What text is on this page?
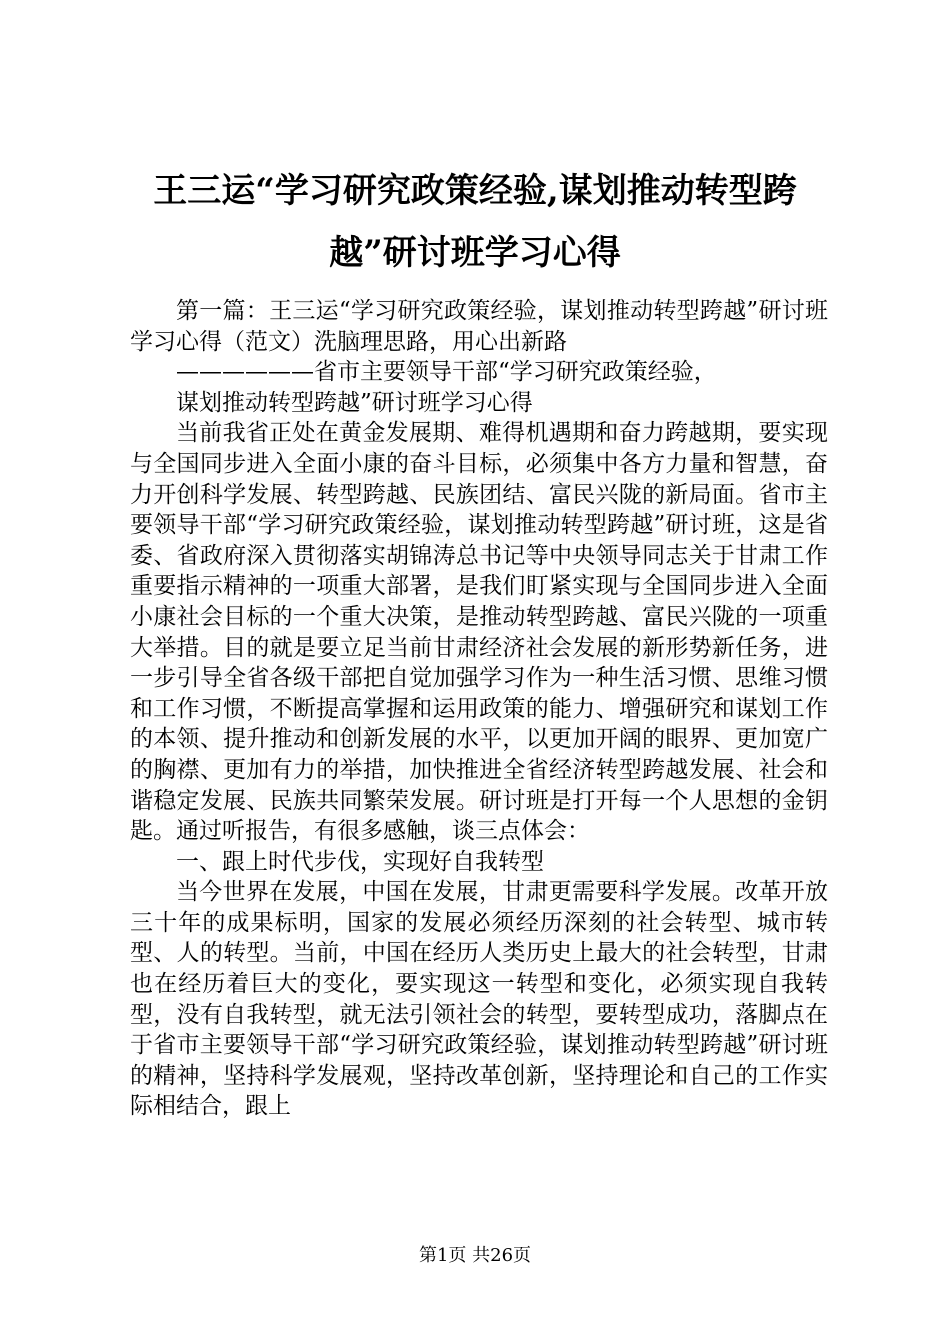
王三运“学习研究政策经验,谋划推动转型跨越”研讨班学习心得

第一篇：王三运“学习研究政策经验，谋划推动转型跨越”研讨班学习心得（范文）洗脑理思路，用心出新路

——————省市主要领导干部“学习研究政策经验，

谋划推动转型跨越”研讨班学习心得

当前我省正处在黄金发展期、难得机遇期和奋力跨越期，要实现与全国同步进入全面小康的奋斗目标，必须集中各方力量和智慧，奋力开创科学发展、转型跨越、民族团结、富民兴陇的新局面。省市主要领导干部“学习研究政策经验，谋划推动转型跨越”研讨班，这是省委、省政府深入贯彻落实胡锦涛总书记等中央领导同志关于甘肃工作重要指示精神的一项重大部署，是我们盯紧实现与全国同步进入全面小康社会目标的一个重大决策，是推动转型跨越、富民兴陇的一项重大举措。目的就是要立足当前甘肃经济社会发展的新形势新任务，进一步引导全省各级干部把自觉加强学习作为一种生活习惯、思维习惯和工作习惯，不断提高掌握和运用政策的能力、增强研究和谋划工作的本领、提升推动和创新发展的水平，以更加开阔的眼界、更加宽广的胸襟、更加有力的举措，加快推进全省经济转型跨越发展、社会和谐稳定发展、民族共同繁荣发展。研讨班是打开每一个人思想的金钥匙。通过听报告，有很多感触，谈三点体会：

一、跟上时代步伐，实现好自我转型

当今世界在发展，中国在发展，甘肃更需要科学发展。改革开放三十年的成果标明，国家的发展必须经历深刻的社会转型、城市转型、人的转型。当前，中国在经历人类历史上最大的社会转型，甘肃也在经历着巨大的变化，要实现这一转型和变化，必须实现自我转型，没有自我转型，就无法引领社会的转型，要转型成功，落脚点在于省市主要领导干部“学习研究政策经验，谋划推动转型跨越”研讨班的精神，坚持科学发展观，坚持改革创新，坚持理论和自己的工作实际相结合，跟上

第1页 共26页
